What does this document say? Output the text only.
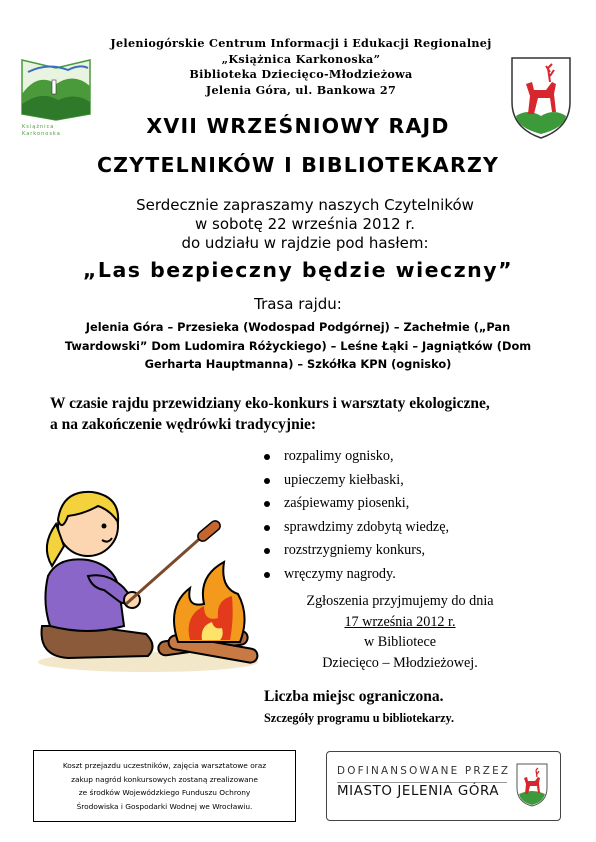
Książnica
Karkonoska
Jeleniogórskie Centrum Informacji i Edukacji Regionalnej
„Książnica Karkonoska”
Biblioteka Dziecięco-Młodzieżowa
Jelenia Góra, ul. Bankowa 27
XVII WRZEŚNIOWY RAJD
CZYTELNIKÓW I BIBLIOTEKARZY
Serdecznie zapraszamy naszych Czytelników
w sobotę 22 września 2012 r.
do udziału w rajdzie pod hasłem:
„Las bezpieczny będzie wieczny”
Trasa rajdu:
Jelenia Góra – Przesieka (Wodospad Podgórnej) – Zachełmie („Pan
Twardowski” Dom Ludomira Różyckiego) – Leśne Łąki – Jagniątków (Dom
Gerharta Hauptmanna) – Szkółka KPN (ognisko)
W czasie rajdu przewidziany eko-konkurs i warsztaty ekologiczne,
a na zakończenie wędrówki tradycyjnie:
rozpalimy ognisko,
upieczemy kiełbaski,
zaśpiewamy piosenki,
sprawdzimy zdobytą wiedzę,
rozstrzygniemy konkurs,
wręczymy nagrody.
Zgłoszenia przyjmujemy do dnia
17 września 2012 r.
w Bibliotece
Dziecięco – Młodzieżowej.
Liczba miejsc ograniczona.
Szczegóły programu u bibliotekarzy.
Koszt przejazdu uczestników, zajęcia warsztatowe oraz
zakup nagród konkursowych zostaną zrealizowane
ze środków Wojewódzkiego Funduszu Ochrony
Środowiska i Gospodarki Wodnej we Wrocławiu.
DOFINANSOWANE PRZEZ
MIASTO JELENIA GÓRA
